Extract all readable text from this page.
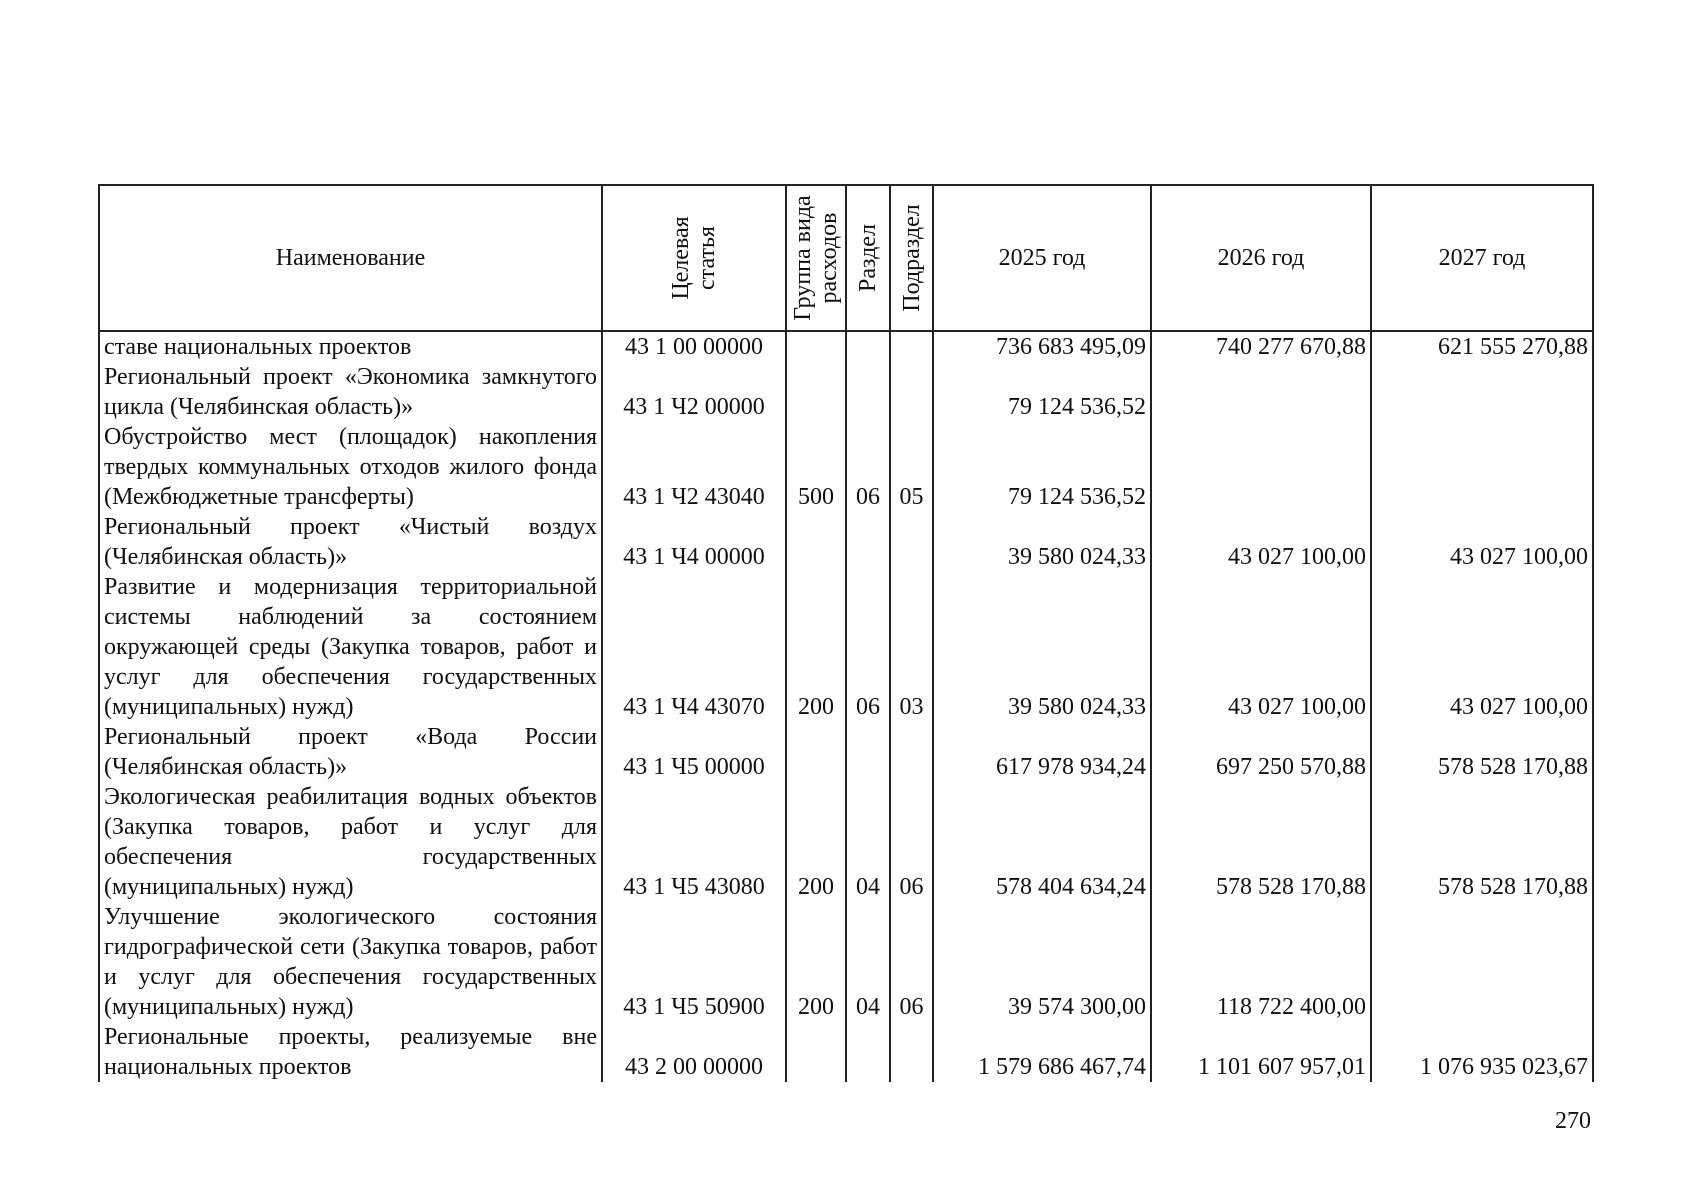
Наименование	Целевая статья	Группа вида расходов	Раздел	Подраздел	2025 год	2026 год	2027 год
ставе национальных проектов	43 1 00 00000				736 683 495,09	740 277 670,88	621 555 270,88
Региональный проект «Экономика замкнутого цикла (Челябинская область)»	43 1 Ч2 00000				79 124 536,52		
Обустройство мест (площадок) накопления твердых коммунальных отходов жилого фонда (Межбюджетные трансферты)	43 1 Ч2 43040	500	06	05	79 124 536,52		
Региональный проект «Чистый воздух (Челябинская область)»	43 1 Ч4 00000				39 580 024,33	43 027 100,00	43 027 100,00
Развитие и модернизация территориальной системы наблюдений за состоянием окружающей среды (Закупка товаров, работ и услуг для обеспечения государственных (муниципальных) нужд)	43 1 Ч4 43070	200	06	03	39 580 024,33	43 027 100,00	43 027 100,00
Региональный проект «Вода России (Челябинская область)»	43 1 Ч5 00000				617 978 934,24	697 250 570,88	578 528 170,88
Экологическая реабилитация водных объектов (Закупка товаров, работ и услуг для обеспечения государственных (муниципальных) нужд)	43 1 Ч5 43080	200	04	06	578 404 634,24	578 528 170,88	578 528 170,88
Улучшение экологического состояния гидрографической сети (Закупка товаров, работ и услуг для обеспечения государственных (муниципальных) нужд)	43 1 Ч5 50900	200	04	06	39 574 300,00	118 722 400,00	
Региональные проекты, реализуемые вне национальных проектов	43 2 00 00000				1 579 686 467,74	1 101 607 957,01	1 076 935 023,67
270
